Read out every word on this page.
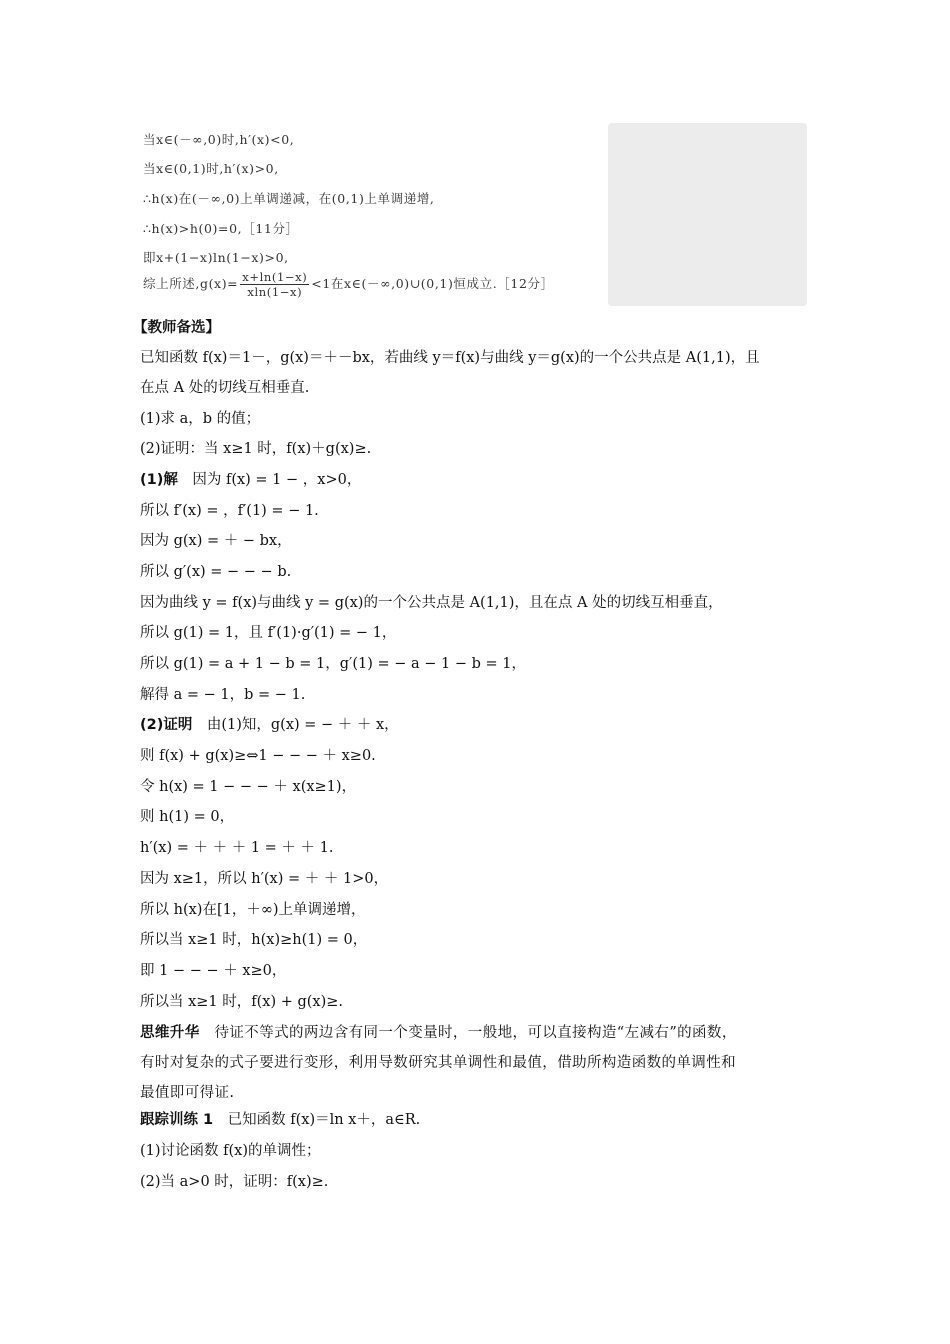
当x∈(－∞,0)时,h′(x)<0,
当x∈(0,1)时,h′(x)>0,
∴h(x)在(－∞,0)上单调递减，在(0,1)上单调递增,
∴h(x)>h(0)=0,［11分］
即x+(1−x)ln(1−x)>0,
综上所述$,g(x)= \frac{x+\ln(1-x)}{xln(1-x)} <1$在x∈(－∞,0)∪(0,1)恒成立.［12分］
【教师备选】
已知函数 f(x)＝1－，g(x)＝＋－bx，若曲线 y＝f(x)与曲线 y＝g(x)的一个公共点是 A(1,1)，且
在点 A 处的切线互相垂直.
(1)求 a，b 的值；
(2)证明：当 x≥1 时，f(x)＋g(x)≥.
(1)解　因为 f(x) = 1 − ，x>0，
所以 f′(x) = ，f′(1) = − 1.
因为 g(x) = ＋ − bx，
所以 g′(x) = − − − b.
因为曲线 y = f(x)与曲线 y = g(x)的一个公共点是 A(1,1)，且在点 A 处的切线互相垂直，
所以 g(1) = 1，且 f′(1)·g′(1) = − 1，
所以 g(1) = a + 1 − b = 1，g′(1) = − a − 1 − b = 1，
解得 a = − 1，b = − 1.
(2)证明　由(1)知，g(x) = − ＋ ＋ x，
则 f(x) + g(x)≥⇔1 − − − ＋ x≥0.
令 h(x) = 1 − − − ＋ x(x≥1)，
则 h(1) = 0，
h′(x) = ＋ ＋ ＋ 1 = ＋ ＋ 1.
因为 x≥1，所以 h′(x) = ＋ ＋ 1>0，
所以 h(x)在[1，＋∞)上单调递增，
所以当 x≥1 时，h(x)≥h(1) = 0，
即 1 − − − ＋ x≥0，
所以当 x≥1 时，f(x) + g(x)≥.
思维升华　待证不等式的两边含有同一个变量时，一般地，可以直接构造“左减右”的函数，
有时对复杂的式子要进行变形，利用导数研究其单调性和最值，借助所构造函数的单调性和
最值即可得证.
跟踪训练 1　已知函数 f(x)＝ln x＋，a∈R.
(1)讨论函数 f(x)的单调性；
(2)当 a>0 时，证明：f(x)≥.
